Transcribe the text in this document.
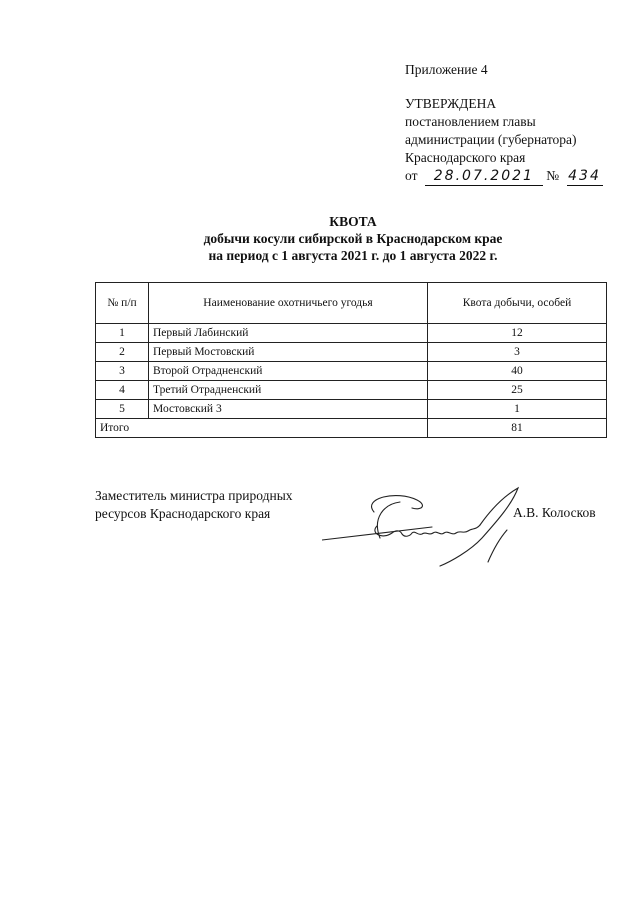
Приложение 4
УТВЕРЖДЕНА
постановлением главы
администрации (губернатора)
Краснодарского края
от 28.07.2021 № 434
КВОТА
добычи косули сибирской в Краснодарском крае
на период с 1 августа 2021 г. до 1 августа 2022 г.
№ п/п	Наименование охотничьего угодья	Квота добычи, особей
1	Первый Лабинский	12
2	Первый Мостовский	3
3	Второй Отрадненский	40
4	Третий Отрадненский	25
5	Мостовский 3	1
Итого		81
Заместитель министра природных
ресурсов Краснодарского края	А.В. Колосков
